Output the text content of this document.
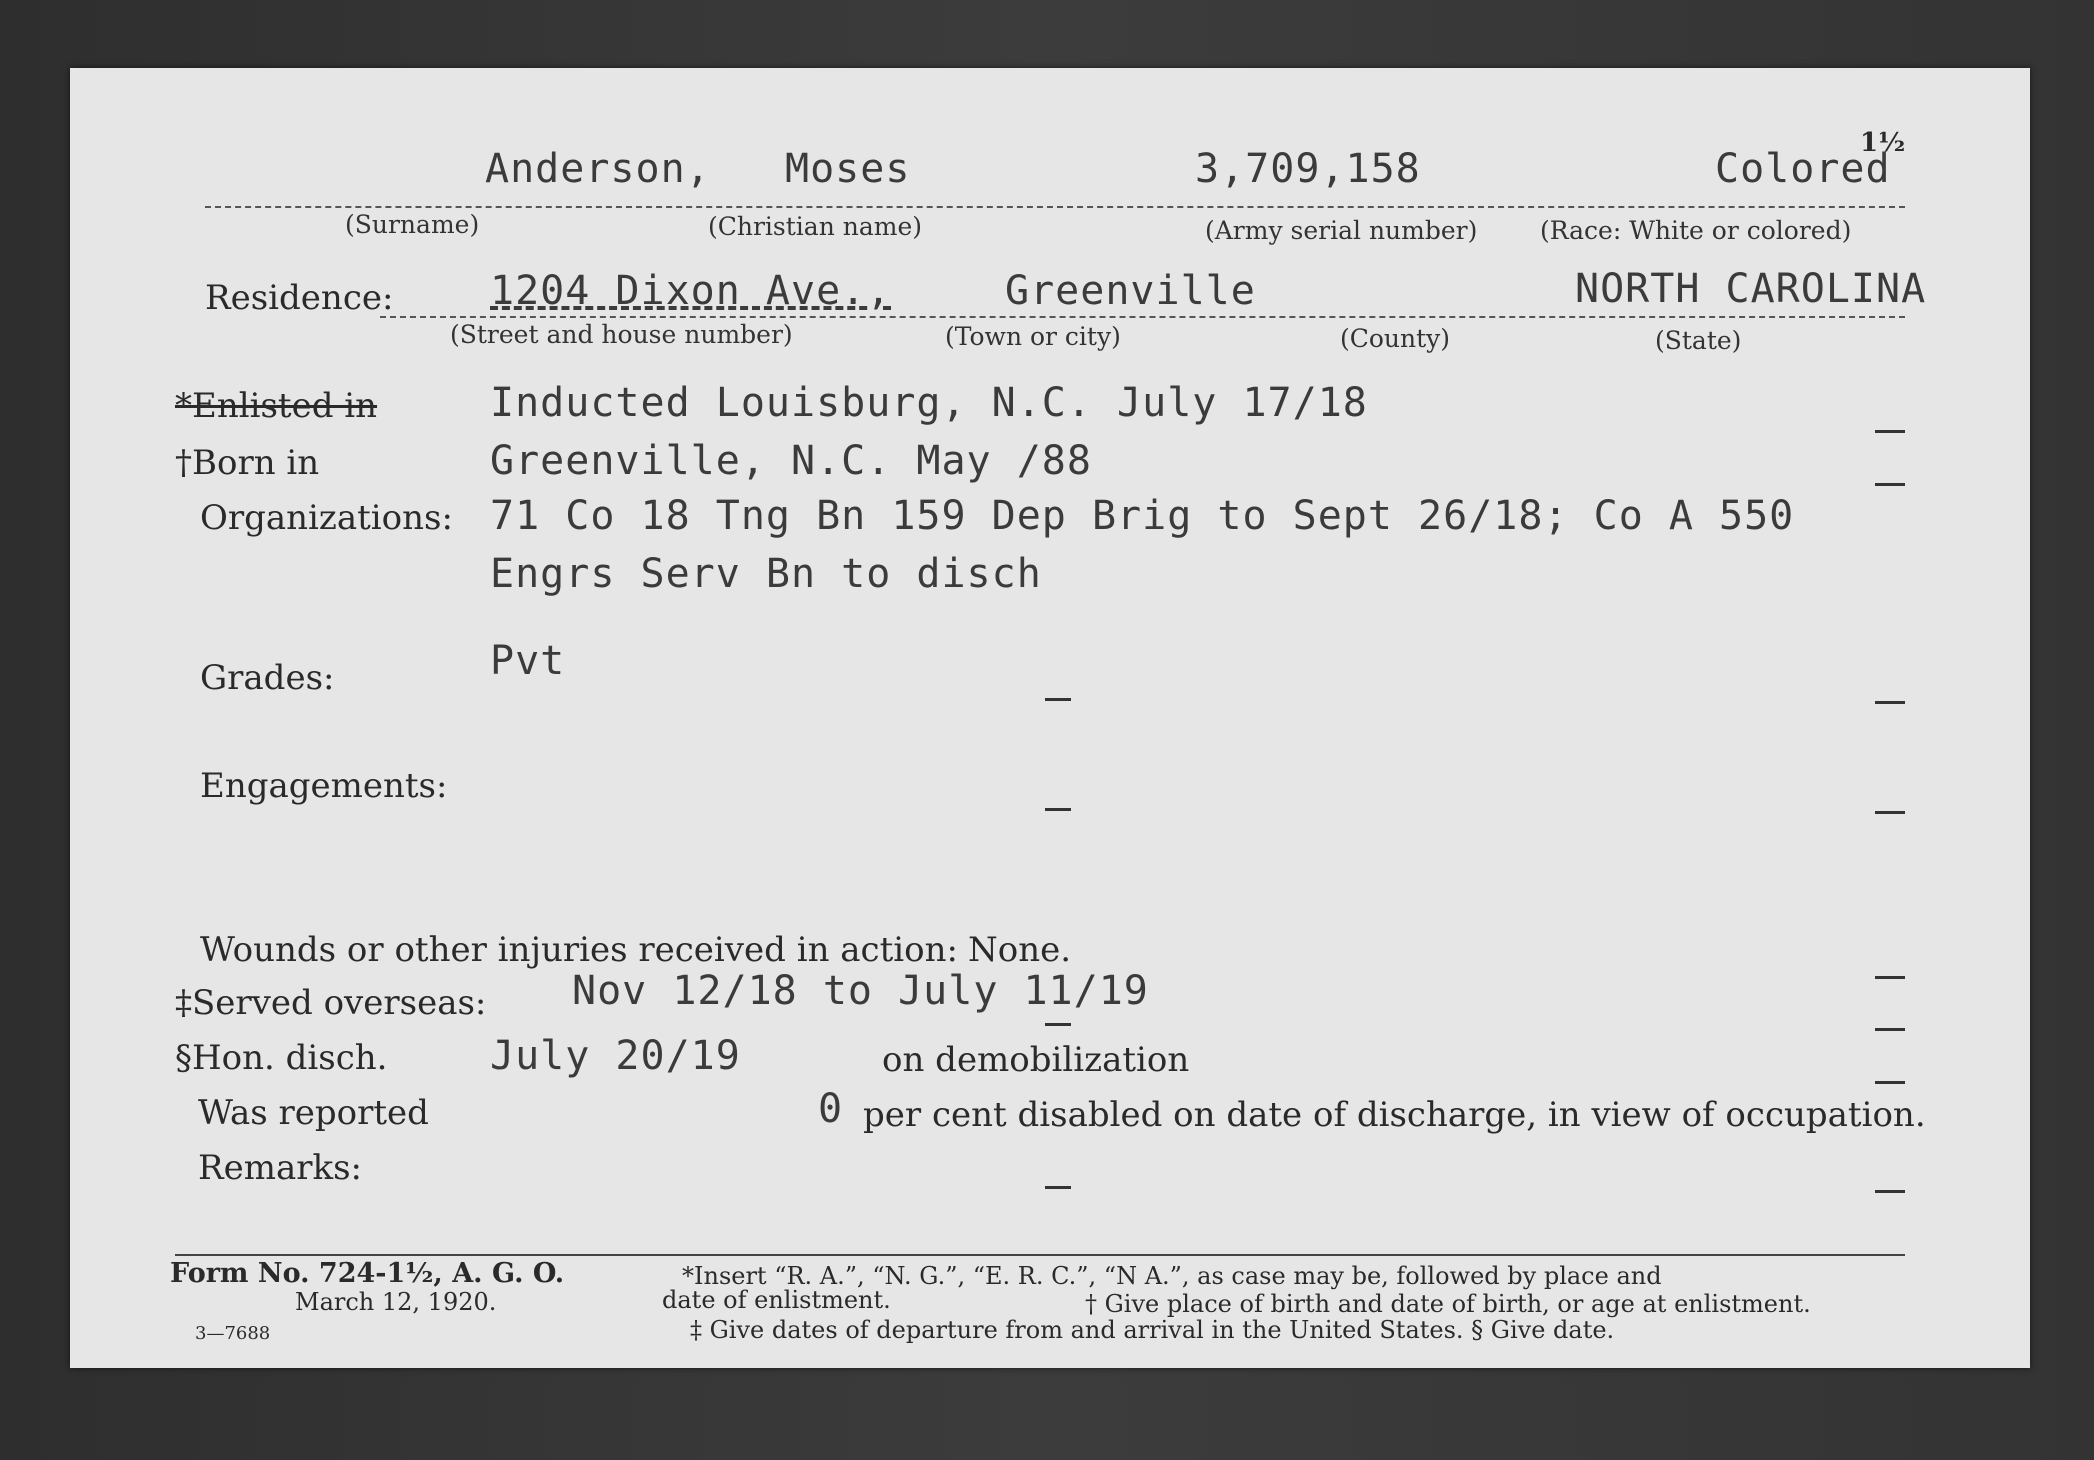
Anderson, Moses	3,709,158	Colored
1½
(Surname)	(Christian name)	(Army serial number)	(Race: White or colored)
Residence: 1204 Dixon Ave.,	Greenville	NORTH CAROLINA
(Street and house number)	(Town or city)	(County)	(State)
*Enlisted in	Inducted Louisburg, N.C. July 17/18
†Born in	Greenville, N.C. May /88
Organizations: 71 Co 18 Tng Bn 159 Dep Brig to Sept 26/18; Co A 550
Engrs Serv Bn to disch
Grades:	Pvt
Engagements:
Wounds or other injuries received in action: None.
‡Served overseas: Nov 12/18 to July 11/19
§Hon. disch.	July 20/19	on demobilization
Was reported	0 per cent disabled on date of discharge, in view of occupation.
Remarks:
Form No. 724-1½, A. G. O.
March 12, 1920.
3—7688
*Insert “R. A.”, “N. G.”, “E. R. C.”, “N A.”, as case may be, followed by place and
date of enlistment.	† Give place of birth and date of birth, or age at enlistment.
‡ Give dates of departure from and arrival in the United States. § Give date.
